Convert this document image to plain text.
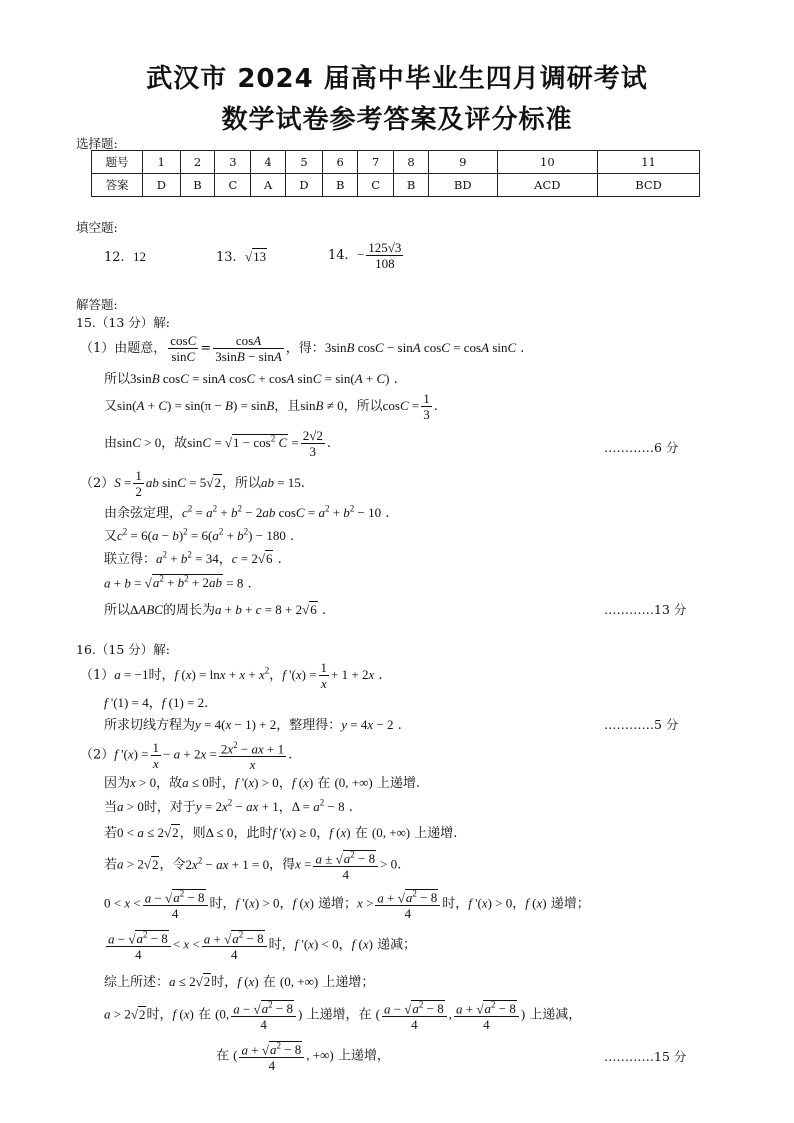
武汉市 2024 届高中毕业生四月调研考试
数学试卷参考答案及评分标准
选择题:
题号	1	2	3	4	5	6	7	8	9	10	11
答案	D	B	C	A	D	B	C	B	BD	ACD	BCD
填空题:
12. 12	13. √13	14. − $\frac{125√3}{108}$
解答题:
15.（13 分）解:
（1）由题意， $\frac{\cos C}{\sin C} = \frac{\cos A}{3\sin B - \sin A}$ ，得：3sinB cosC − sinA cosC = cosA sinC .
所以3sinB cosC = sinA cosC + cosA sinC = sin(A + C) .
又sin(A + C) = sin(π − B) = sinB，且sinB ≠ 0，所以$\cos C = \frac{1}{3}$ .
由sinC > 0，故$\sin C = √1 - \cos^2 C = \frac{2√2}{3}$ .	…………6 分
$(2)S = \frac{1}{2}$ ab sinC = 5√2，所以ab = 15.
由余弦定理，$c^2 = a^2 + b^2 - 2ab$ $\cos C = a^2 + b^2 - 10$ .
又$c^2 = 6(a - b)^2 = 6(a^2 + b^2) - 180$ .
联立得：$a^2 + b^2 = 34$，c = 2√6 .
$a + b = √a^2 + b^2 + 2ab = 8$ .
所以ΔABC的周长为a + b + c = 8 + 2√6 .	…………13 分
16.（15 分）解:
（1）a = −1时，f $(x) = \ln x + x + x^2$，f '$(x) = \frac{1}{x} + 1 + 2x$ .
f '(1) = 4，f (1) = 2.
所求切线方程为y = 4(x − 1) + 2，整理得：y = 4x − 2 .	…………5 分
（2）f '$(x) = \frac{1}{x} - a + 2x = \frac{2x^2 - ax + 1}{x}$ .
因为x > 0，故a ≤ 0时，f '(x) > 0，f (x) 在 (0, +∞) 上递增.
当a > 0时，对于$y = 2x^2$ − ax + 1，$\Delta = a^2 - 8$ .
若0 < a ≤ 2√2，则Δ ≤ 0，此时f '(x) ≥ 0，f (x) 在 (0, +∞) 上递增.
若a > 2√2，令$2x^2$ − ax + 1 = 0，得$x = \frac{a \pm √a^2 - 8}{4} > 0$.
$0 < x < \frac{a - √a^2 - 8}{4}$ 时，f '(x) > 0，f (x) 递增；$x > \frac{a + √a^2 - 8}{4}$ 时，f '(x) > 0，f (x) 递增；
$\frac{a - √a^2 - 8}{4} < x < \frac{a + √a^2 - 8}{4}$ 时，f '(x) < 0，f (x) 递减；
综上所述：a ≤ 2√2时，f (x) 在 (0, +∞) 上递增；
a > 2√2时，f (x) 在 (0, $\frac{a - √a^2 - 8}{4}$ ) 上递增，在 ( $\frac{a - √a^2 - 8}{4}$ , $\frac{a + √a^2 - 8}{4}$ ) 上递减，
在 ( $\frac{a + √a^2 - 8}{4}$ , +∞) 上递增，	…………15 分
